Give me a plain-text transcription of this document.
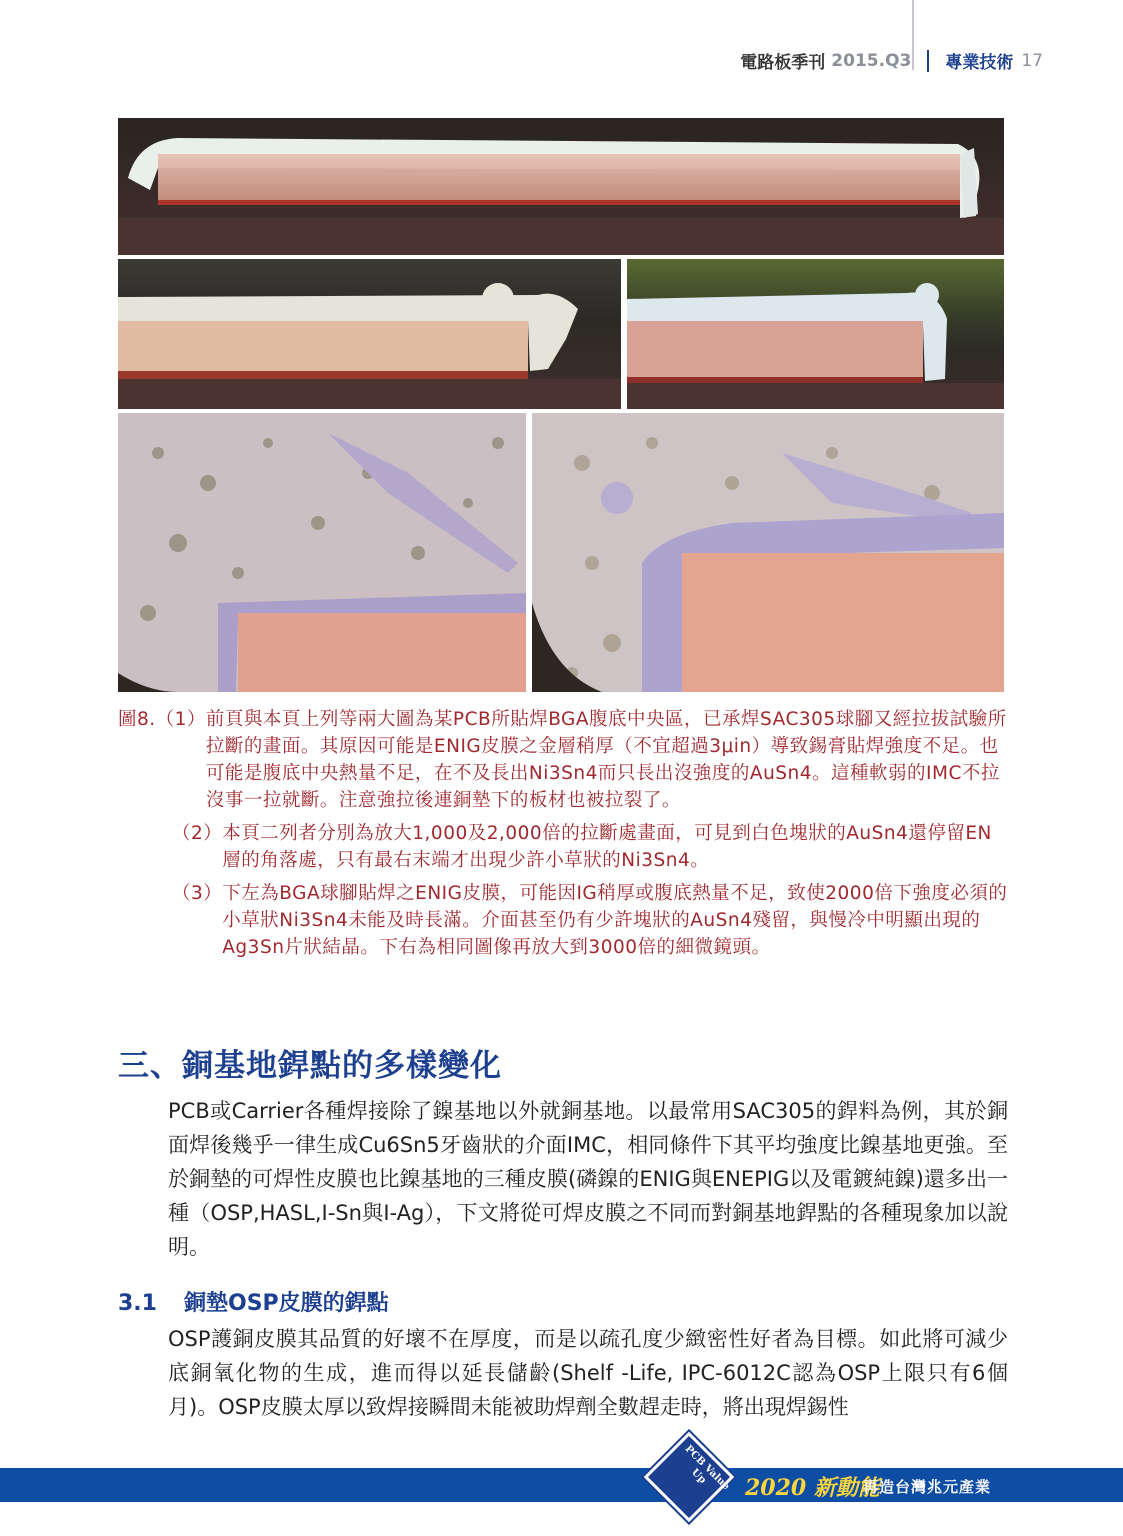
電路板季刊 2015.Q3 專業技術 17
圖8.（1） 前頁與本頁上列等兩大圖為某PCB所貼焊BGA腹底中央區，已承焊SAC305球腳又經拉拔試驗所拉斷的畫面。其原因可能是ENIG皮膜之金層稍厚（不宜超過3μin）導致錫膏貼焊強度不足。也可能是腹底中央熱量不足，在不及長出Ni3Sn4而只長出沒強度的AuSn4。這種軟弱的IMC不拉沒事一拉就斷。注意強拉後連銅墊下的板材也被拉裂了。
（2） 本頁二列者分別為放大1,000及2,000倍的拉斷處畫面，可見到白色塊狀的AuSn4還停留EN層的角落處，只有最右末端才出現少許小草狀的Ni3Sn4。
（3） 下左為BGA球腳貼焊之ENIG皮膜，可能因IG稍厚或腹底熱量不足，致使2000倍下強度必須的小草狀Ni3Sn4未能及時長滿。介面甚至仍有少許塊狀的AuSn4殘留，與慢冷中明顯出現的Ag3Sn片狀結晶。下右為相同圖像再放大到3000倍的細微鏡頭。
三、銅基地銲點的多樣變化
PCB或Carrier各種焊接除了鎳基地以外就銅基地。以最常用SAC305的銲料為例，其於銅面焊後幾乎一律生成Cu6Sn5牙齒狀的介面IMC，相同條件下其平均強度比鎳基地更強。至於銅墊的可焊性皮膜也比鎳基地的三種皮膜(磷鎳的ENIG與ENEPIG以及電鍍純鎳)還多出一種（OSP,HASL,I-Sn與I-Ag），下文將從可焊皮膜之不同而對銅基地銲點的各種現象加以說明。
3.1 銅墊OSP皮膜的銲點
OSP護銅皮膜其品質的好壞不在厚度，而是以疏孔度少緻密性好者為目標。如此將可減少底銅氧化物的生成，進而得以延長儲齡(Shelf -Life, IPC-6012C認為OSP上限只有6個月)。OSP皮膜太厚以致焊接瞬間未能被助焊劑全數趕走時，將出現焊錫性
PCB Value Up	2020 新動能
再造台灣兆元產業
